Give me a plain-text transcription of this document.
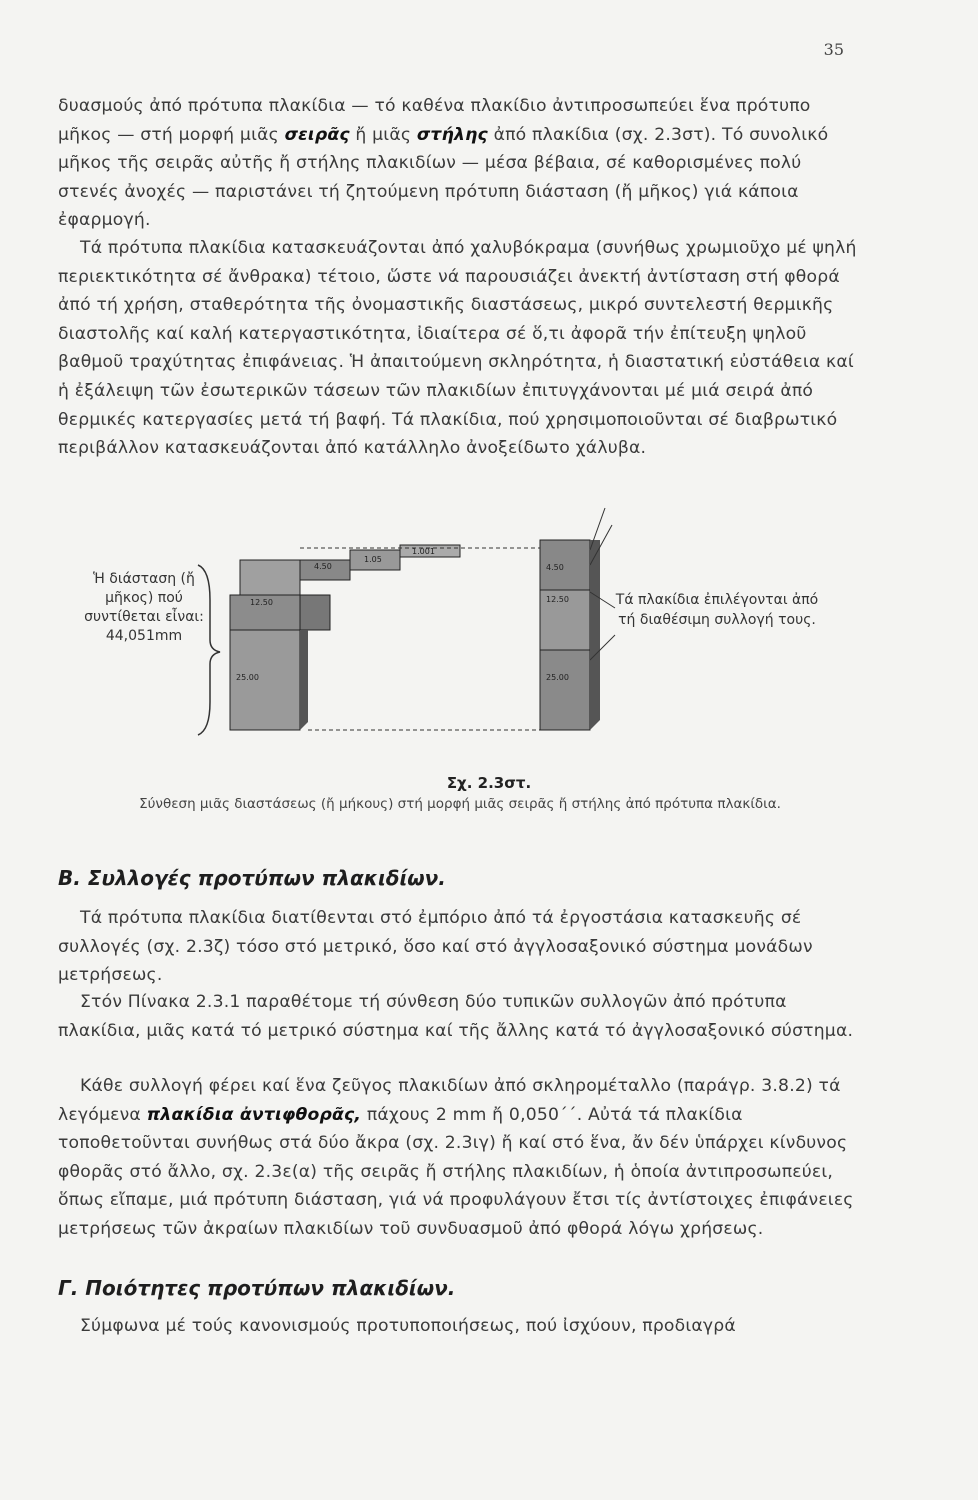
35

δυασμούς ἀπό πρότυπα πλακίδια — τό καθένα πλακίδιο ἀντιπροσωπεύει ἕνα πρότυπο μῆκος — στή μορφή μιᾶς σειρᾶς ἤ μιᾶς στήλης ἀπό πλακίδια (σχ. 2.3στ). Τό συνολικό μῆκος τῆς σειρᾶς αὐτῆς ἤ στήλης πλακιδίων — μέσα βέβαια, σέ καθορισμένες πολύ στενές ἀνοχές — παριστάνει τή ζητούμενη πρότυπη διάσταση (ἤ μῆκος) γιά κάποια ἐφαρμογή.

Τά πρότυπα πλακίδια κατασκευάζονται ἀπό χαλυβόκραμα (συνήθως χρωμιοῦχο μέ ψηλή περιεκτικότητα σέ ἄνθρακα) τέτοιο, ὥστε νά παρουσιάζει ἀνεκτή ἀντίσταση στή φθορά ἀπό τή χρήση, σταθερότητα τῆς ὀνομαστικῆς διαστάσεως, μικρό συντελεστή θερμικῆς διαστολῆς καί καλή κατεργαστικότητα, ἰδιαίτερα σέ ὅ,τι ἀφορᾶ τήν ἐπίτευξη ψηλοῦ βαθμοῦ τραχύτητας ἐπιφάνειας. Ἡ ἀπαιτούμενη σκληρότητα, ἡ διαστατική εὐστάθεια καί ἡ ἐξάλειψη τῶν ἐσωτερικῶν τάσεων τῶν πλακιδίων ἐπιτυγχάνονται μέ μιά σειρά ἀπό θερμικές κατεργασίες μετά τή βαφή. Τά πλακίδια, πού χρησιμοποιοῦνται σέ διαβρωτικό περιβάλλον κατασκευάζονται ἀπό κατάλληλο ἀνοξείδωτο χάλυβα.

Ἡ διάσταση (ἤ μῆκος) πού συντίθεται εἶναι: 44,051mm
25.00
12.50
4.50
1.05
1.001
4.50
12.50
25.00
Τά πλακίδια ἐπιλέγονται ἀπό τή διαθέσιμη συλλογή τους.
Σχ. 2.3στ.
Σύνθεση μιᾶς διαστάσεως (ἤ μήκους) στή μορφή μιᾶς σειρᾶς ἤ στήλης ἀπό πρότυπα πλακίδια.
Β. Συλλογές προτύπων πλακιδίων.

Τά πρότυπα πλακίδια διατίθενται στό ἐμπόριο ἀπό τά ἐργοστάσια κατασκευῆς σέ συλλογές (σχ. 2.3ζ) τόσο στό μετρικό, ὅσο καί στό ἀγγλοσαξονικό σύστημα μονάδων μετρήσεως.

Στόν Πίνακα 2.3.1 παραθέτομε τή σύνθεση δύο τυπικῶν συλλογῶν ἀπό πρότυπα πλακίδια, μιᾶς κατά τό μετρικό σύστημα καί τῆς ἄλλης κατά τό ἀγγλοσαξονικό σύστημα.

Κάθε συλλογή φέρει καί ἕνα ζεῦγος πλακιδίων ἀπό σκληρομέταλλο (παράγρ. 3.8.2) τά λεγόμενα πλακίδια ἀντιφθορᾶς, πάχους 2 mm ἤ 0,050΄΄. Αὐτά τά πλακίδια τοποθετοῦνται συνήθως στά δύο ἄκρα (σχ. 2.3ιγ) ἤ καί στό ἕνα, ἄν δέν ὑπάρχει κίνδυνος φθορᾶς στό ἄλλο, σχ. 2.3ε(α) τῆς σειρᾶς ἤ στήλης πλακιδίων, ἡ ὁποία ἀντιπροσωπεύει, ὅπως εἴπαμε, μιά πρότυπη διάσταση, γιά νά προφυλάγουν ἔτσι τίς ἀντίστοιχες ἐπιφάνειες μετρήσεως τῶν ἀκραίων πλακιδίων τοῦ συνδυασμοῦ ἀπό φθορά λόγω χρήσεως.

Γ. Ποιότητες προτύπων πλακιδίων.

Σύμφωνα μέ τούς κανονισμούς προτυποποιήσεως, πού ἰσχύουν, προδιαγρά
